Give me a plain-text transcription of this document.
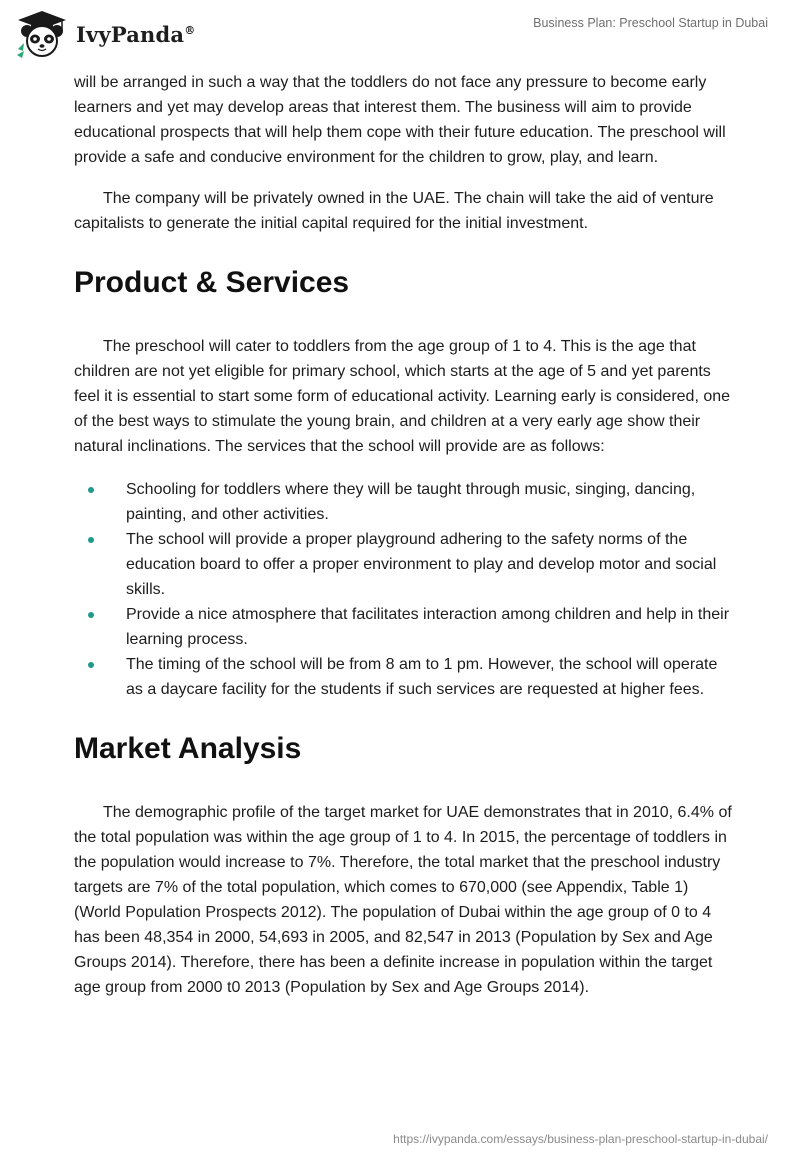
IvyPanda®	Business Plan: Preschool Startup in Dubai

will be arranged in such a way that the toddlers do not face any pressure to become early learners and yet may develop areas that interest them. The business will aim to provide educational prospects that will help them cope with their future education. The preschool will provide a safe and conducive environment for the children to grow, play, and learn.

The company will be privately owned in the UAE. The chain will take the aid of venture capitalists to generate the initial capital required for the initial investment.

Product & Services

The preschool will cater to toddlers from the age group of 1 to 4. This is the age that children are not yet eligible for primary school, which starts at the age of 5 and yet parents feel it is essential to start some form of educational activity. Learning early is considered, one of the best ways to stimulate the young brain, and children at a very early age show their natural inclinations. The services that the school will provide are as follows:

Schooling for toddlers where they will be taught through music, singing, dancing, painting, and other activities.
The school will provide a proper playground adhering to the safety norms of the education board to offer a proper environment to play and develop motor and social skills.
Provide a nice atmosphere that facilitates interaction among children and help in their learning process.
The timing of the school will be from 8 am to 1 pm. However, the school will operate as a daycare facility for the students if such services are requested at higher fees.
Market Analysis

The demographic profile of the target market for UAE demonstrates that in 2010, 6.4% of the total population was within the age group of 1 to 4. In 2015, the percentage of toddlers in the population would increase to 7%. Therefore, the total market that the preschool industry targets are 7% of the total population, which comes to 670,000 (see Appendix, Table 1) (World Population Prospects 2012). The population of Dubai within the age group of 0 to 4 has been 48,354 in 2000, 54,693 in 2005, and 82,547 in 2013 (Population by Sex and Age Groups 2014). Therefore, there has been a definite increase in population within the target age group from 2000 t0 2013 (Population by Sex and Age Groups 2014).

https://ivypanda.com/essays/business-plan-preschool-startup-in-dubai/
